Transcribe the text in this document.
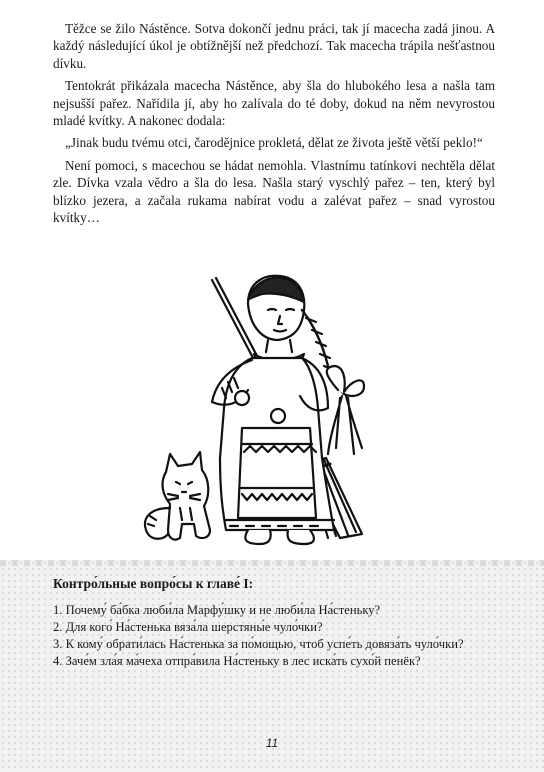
Těžce se žilo Nástěnce. Sotva dokončí jednu práci, tak jí macecha zadá jinou. A každý následující úkol je obtížnější než předchozí. Tak macecha trápila nešťastnou dívku.

Tentokrát přikázala macecha Nástěnce, aby šla do hlubokého lesa a našla tam nejsušší pařez. Nařídila jí, aby ho zalívala do té doby, dokud na něm nevyrostou mladé kvítky. A nakonec dodala:

„Jinak budu tvému otci, čarodějnice prokletá, dělat ze života ještě větší peklo!“

Není pomoci, s macechou se hádat nemohla. Vlastnímu tatínkovi nechtěla dělat zle. Dívka vzala vědro a šla do lesa. Našla starý vyschlý pařez – ten, který byl blízko jezera, a začala rukama nabírat vodu a zalévat pařez – snad vyrostou kvítky…

Контро́льные вопро́сы к главе́ I:
1. Почему́ ба́бка люби́ла Марфу́шку и не люби́ла На́стеньку?
2. Для кого́ На́стенька вяза́ла шерстяны́е чуло́чки?
3. К кому́ обрати́лась На́стенька за по́мощью, чтоб успе́ть довяза́ть чуло́чки?
4. Заче́м зла́я ма́чеха отпра́вила На́стеньку в лес иска́ть сухо́й пенёк?
11
